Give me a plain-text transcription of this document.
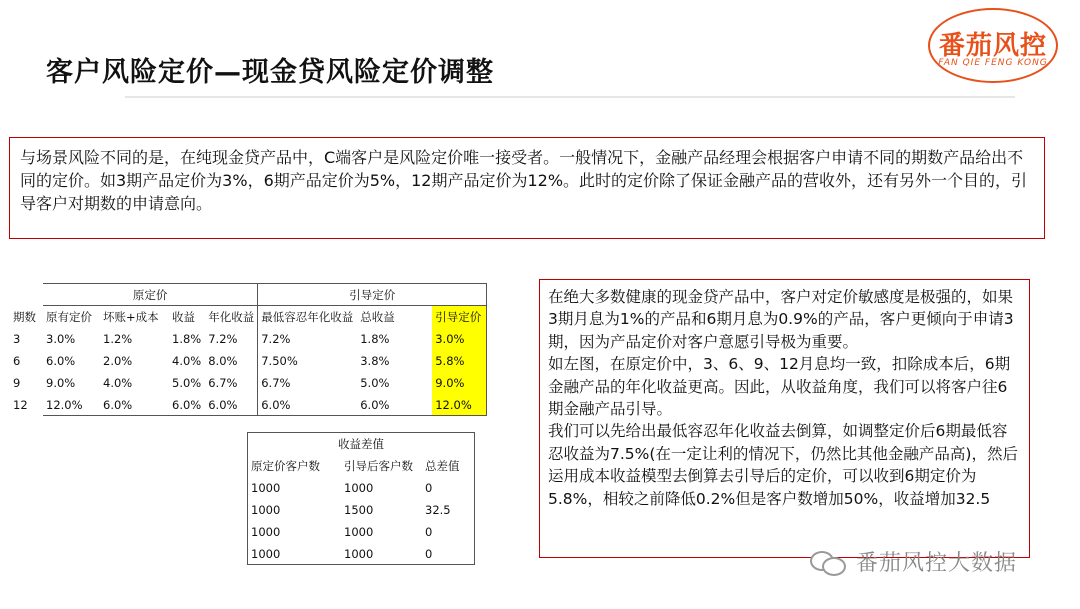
客户风险定价—现金贷风险定价调整
番茄风控
FAN QIE FENG KONG

与场景风险不同的是，在纯现金贷产品中，C端客户是风险定价唯一接受者。一般情况下，金融产品经理会根据客户申请不同的期数产品给出不同的定价。如3期产品定价为3%，6期产品定价为5%，12期产品定价为12%。此时的定价除了保证金融产品的营收外，还有另外一个目的，引导客户对期数的申请意向。

	原定价				引导定价		
期数	原有定价	坏账+成本	收益	年化收益	最低容忍年化收益	总收益	引导定价
3	3.0%	1.2%	1.8%	7.2%	7.2%	1.8%	3.0%
6	6.0%	2.0%	4.0%	8.0%	7.50%	3.8%	5.8%
9	9.0%	4.0%	5.0%	6.7%	6.7%	5.0%	9.0%
12	12.0%	6.0%	6.0%	6.0%	6.0%	6.0%	12.0%
收益差值		
原定价客户数	引导后客户数	总差值
1000	1000	0
1000	1500	32.5
1000	1000	0
1000	1000	0

在绝大多数健康的现金贷产品中，客户对定价敏感度是极强的，如果3期月息为1%的产品和6期月息为0.9%的产品，客户更倾向于申请3期，因为产品定价对客户意愿引导极为重要。

如左图，在原定价中，3、6、9、12月息均一致，扣除成本后，6期金融产品的年化收益更高。因此，从收益角度，我们可以将客户往6期金融产品引导。

我们可以先给出最低容忍年化收益去倒算，如调整定价后6期最低容忍收益为7.5%(在一定让利的情况下，仍然比其他金融产品高)，然后运用成本收益模型去倒算去引导后的定价，可以收到6期定价为5.8%，相较之前降低0.2%但是客户数增加50%，收益增加32.5

番茄风控大数据
